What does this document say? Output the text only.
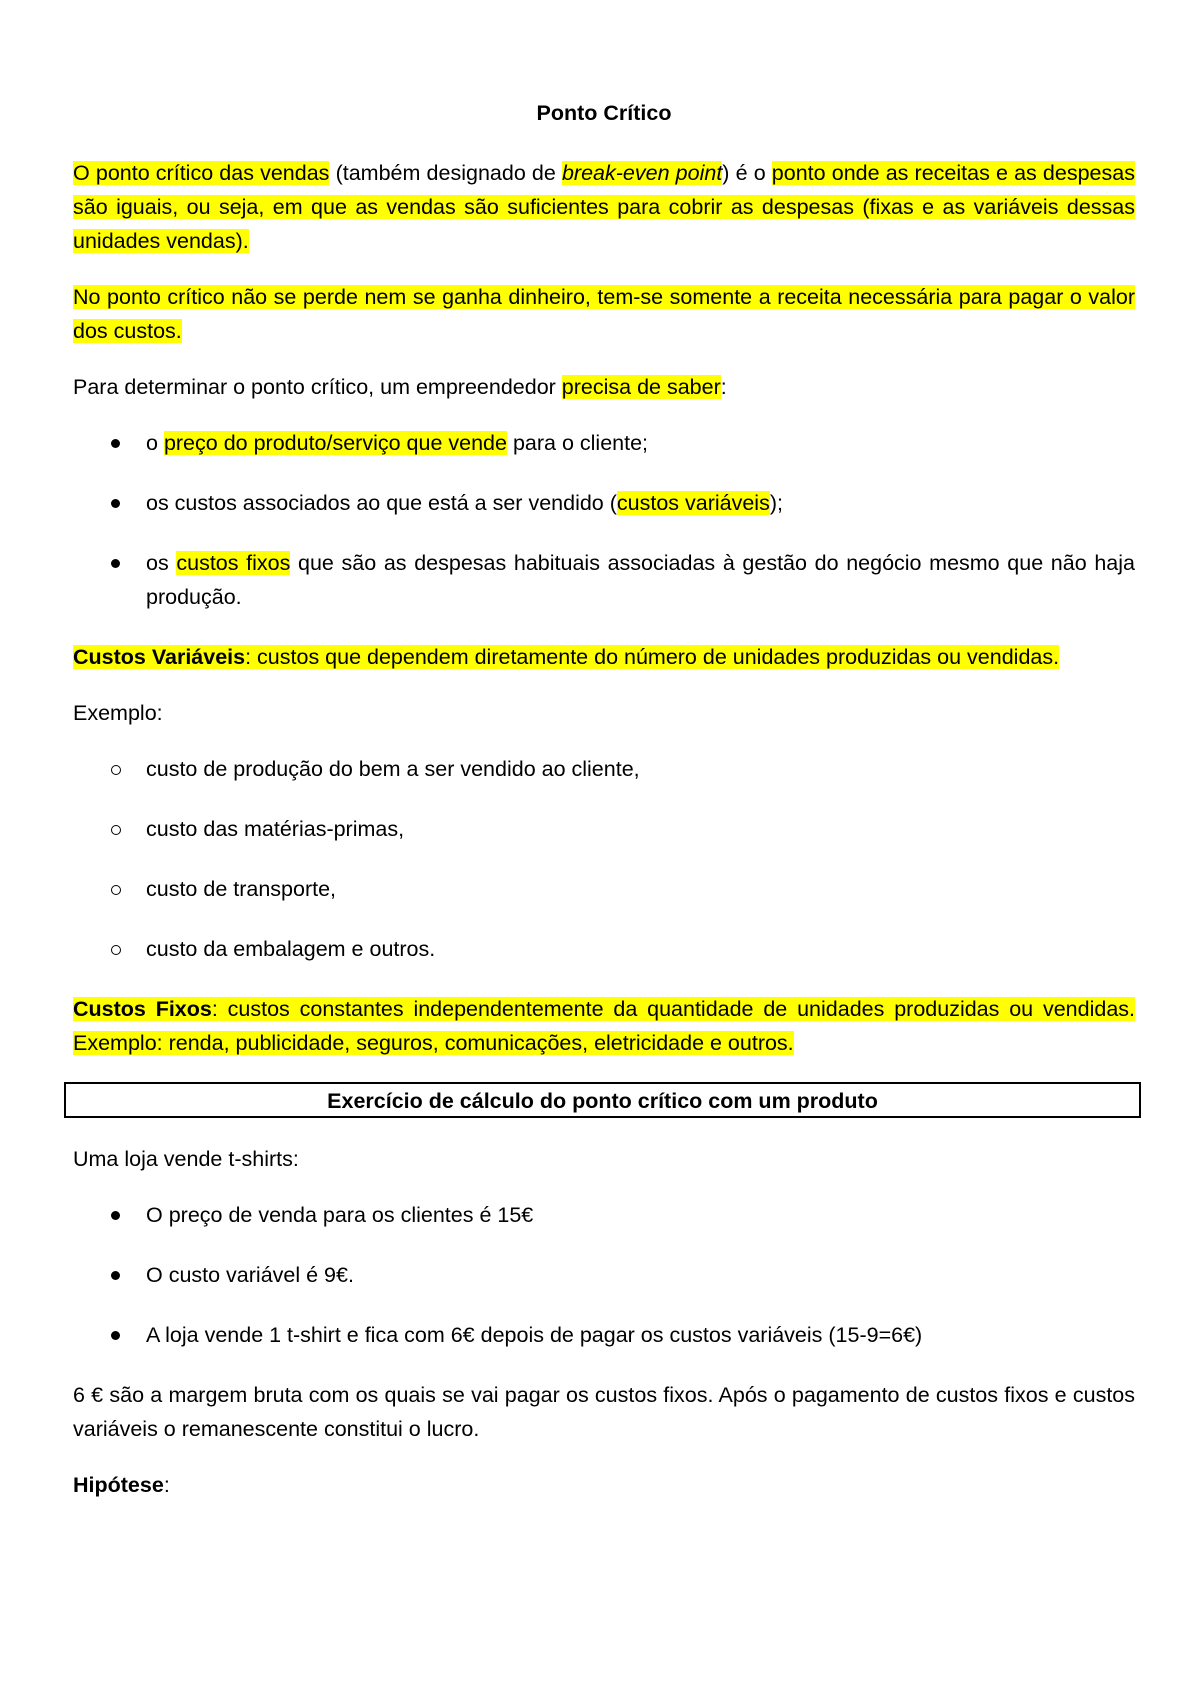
Ponto Crítico

O ponto crítico das vendas (também designado de break-even point) é o ponto onde as receitas e as despesas são iguais, ou seja, em que as vendas são suficientes para cobrir as despesas (fixas e as variáveis dessas unidades vendas).

No ponto crítico não se perde nem se ganha dinheiro, tem-se somente a receita necessária para pagar o valor dos custos.

Para determinar o ponto crítico, um empreendedor precisa de saber:

o preço do produto/serviço que vende para o cliente;
os custos associados ao que está a ser vendido (custos variáveis);
os custos fixos que são as despesas habituais associadas à gestão do negócio mesmo que não haja produção.

Custos Variáveis: custos que dependem diretamente do número de unidades produzidas ou vendidas.

Exemplo:

custo de produção do bem a ser vendido ao cliente,
custo das matérias-primas,
custo de transporte,
custo da embalagem e outros.

Custos Fixos: custos constantes independentemente da quantidade de unidades produzidas ou vendidas. Exemplo: renda, publicidade, seguros, comunicações, eletricidade e outros.

Exercício de cálculo do ponto crítico com um produto

Uma loja vende t-shirts:

O preço de venda para os clientes é 15€
O custo variável é 9€.
A loja vende 1 t-shirt e fica com 6€ depois de pagar os custos variáveis (15-9=6€)

6 € são a margem bruta com os quais se vai pagar os custos fixos. Após o pagamento de custos fixos e custos variáveis o remanescente constitui o lucro.

Hipótese:
